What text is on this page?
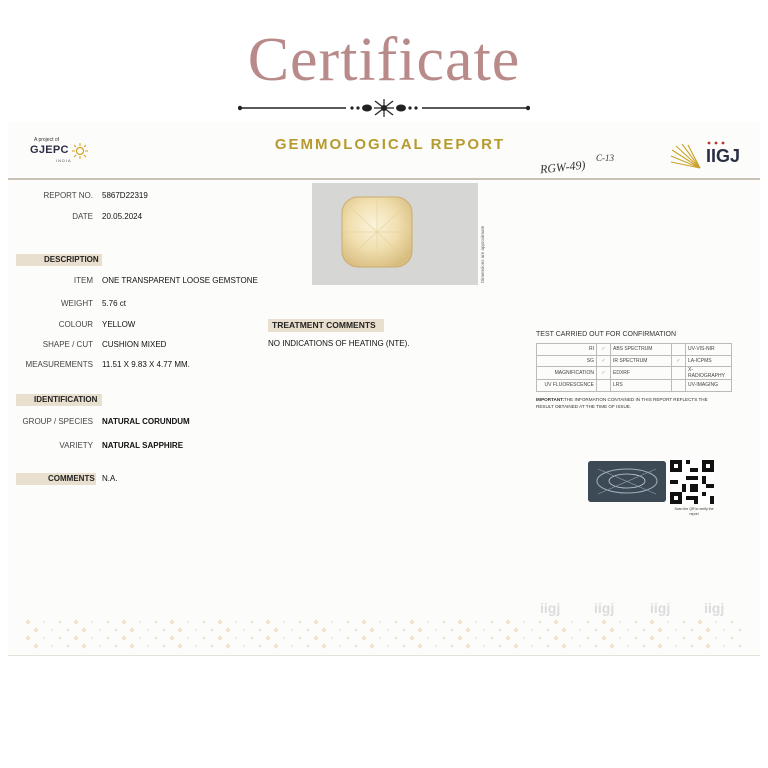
Certificate
A project of
GJEPC
INDIA
GEMMOLOGICAL REPORT
RGW-49) C-13	IIGJ
REPORT NO. 5867D22319
DATE 20.05.2024
DESCRIPTION
ITEM ONE TRANSPARENT LOOSE GEMSTONE
WEIGHT 5.76 ct
COLOUR YELLOW
SHAPE / CUT CUSHION MIXED
MEASUREMENTS 11.51 X 9.83 X 4.77 MM.
IDENTIFICATION
GROUP / SPECIES NATURAL CORUNDUM
VARIETY NATURAL SAPPHIRE
COMMENTS N.A.
Dimensions are approximate
TREATMENT COMMENTS
NO INDICATIONS OF HEATING (NTE).
TEST CARRIED OUT FOR CONFIRMATION
RI	✓	ABS SPECTRUM		UV-VIS-NIR
SG	✓	IR SPECTRUM	✓	LA-ICPMS
MAGNIFICATION	✓	EDXRF		X-RADIOGRAPHY
UV FLUORESCENCE		LRS		UV-IMAGING
IMPORTANT:THE INFORMATION CONTAINED IN THIS REPORT REFLECTS THE RESULT OBTAINED AT THE TIME OF ISSUE.
Scan the QR to verify the report
iigj iigj	iigj iigj
